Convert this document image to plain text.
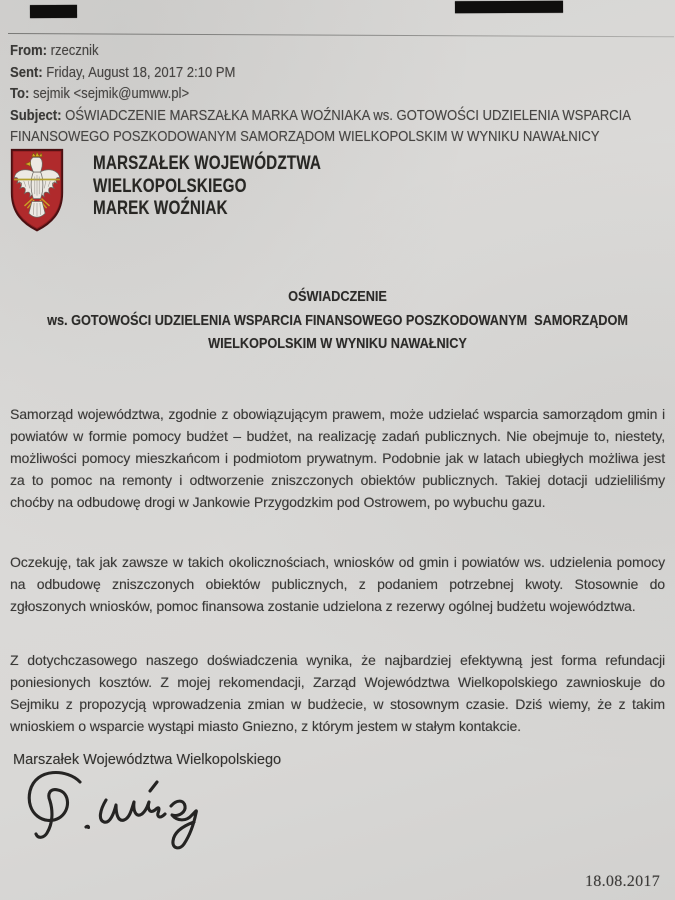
From: rzecznik
Sent: Friday, August 18, 2017 2:10 PM
To: sejmik <sejmik@umww.pl>
Subject: OŚWIADCZENIE MARSZAŁKA MARKA WOŹNIAKA ws. GOTOWOŚCI UDZIELENIA WSPARCIA
FINANSOWEGO POSZKODOWANYM SAMORZĄDOM WIELKOPOLSKIM W WYNIKU NAWAŁNICY
MARSZAŁEK WOJEWÓDZTWA
WIELKOPOLSKIEGO
MAREK WOŹNIAK
OŚWIADCZENIE
ws. GOTOWOŚCI UDZIELENIA WSPARCIA FINANSOWEGO POSZKODOWANYM  SAMORZĄDOM
WIELKOPOLSKIM W WYNIKU NAWAŁNICY

Samorząd województwa, zgodnie z obowiązującym prawem, może udzielać wsparcia samorządom gmin i powiatów w formie pomocy budżet – budżet, na realizację zadań publicznych. Nie obejmuje to, niestety, możliwości pomocy mieszkańcom i podmiotom prywatnym. Podobnie jak w latach ubiegłych możliwa jest za to pomoc na remonty i odtworzenie zniszczonych obiektów publicznych. Takiej dotacji udzieliliśmy choćby na odbudowę drogi w Jankowie Przygodzkim pod Ostrowem, po wybuchu gazu.

Oczekuję, tak jak zawsze w takich okolicznościach, wniosków od gmin i powiatów ws. udzielenia pomocy na odbudowę zniszczonych obiektów publicznych, z podaniem potrzebnej kwoty. Stosownie do zgłoszonych wniosków, pomoc finansowa zostanie udzielona z rezerwy ogólnej budżetu województwa.

Z dotychczasowego naszego doświadczenia wynika, że najbardziej efektywną jest forma refundacji poniesionych kosztów. Z mojej rekomendacji, Zarząd Województwa Wielkopolskiego zawnioskuje do Sejmiku z propozycją wprowadzenia zmian w budżecie, w stosownym czasie. Dziś wiemy, że z takim wnioskiem o wsparcie wystąpi miasto Gniezno, z którym jestem w stałym kontakcie.

Marszałek Województwa Wielkopolskiego
18.08.2017
